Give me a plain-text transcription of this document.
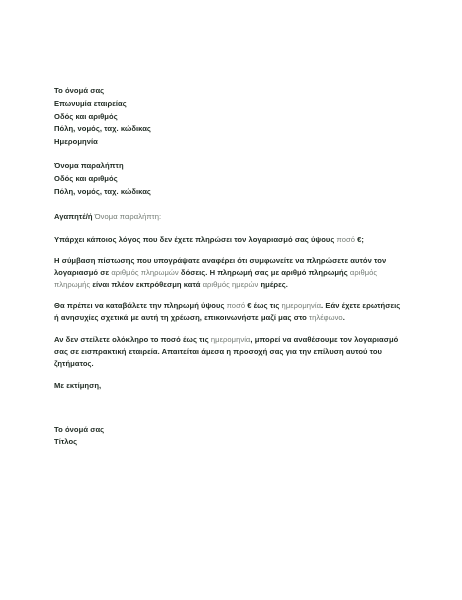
Το όνομά σας
Επωνυμία εταιρείας
Οδός και αριθμός
Πόλη, νομός, ταχ. κώδικας
Ημερομηνία
Όνομα παραλήπτη
Οδός και αριθμός
Πόλη, νομός, ταχ. κώδικας
Αγαπητέ/ή Όνομα παραλήπτη:
Υπάρχει κάποιος λόγος που δεν έχετε πληρώσει τον λογαριασμό σας ύψους ποσό €;
Η σύμβαση πίστωσης που υπογράψατε αναφέρει ότι συμφωνείτε να πληρώσετε αυτόν τον
λογαριασμό σε αριθμός πληρωμών δόσεις. Η πληρωμή σας με αριθμό πληρωμής αριθμός
πληρωμής είναι πλέον εκπρόθεσμη κατά αριθμός ημερών ημέρες.
Θα πρέπει να καταβάλετε την πληρωμή ύψους ποσό € έως τις ημερομηνία. Εάν έχετε ερωτήσεις
ή ανησυχίες σχετικά με αυτή τη χρέωση, επικοινωνήστε μαζί μας στο τηλέφωνο.
Αν δεν στείλετε ολόκληρο το ποσό έως τις ημερομηνία, μπορεί να αναθέσουμε τον λογαριασμό
σας σε εισπρακτική εταιρεία. Απαιτείται άμεσα η προσοχή σας για την επίλυση αυτού του
ζητήματος.
Με εκτίμηση,
Το όνομά σας
Τίτλος
